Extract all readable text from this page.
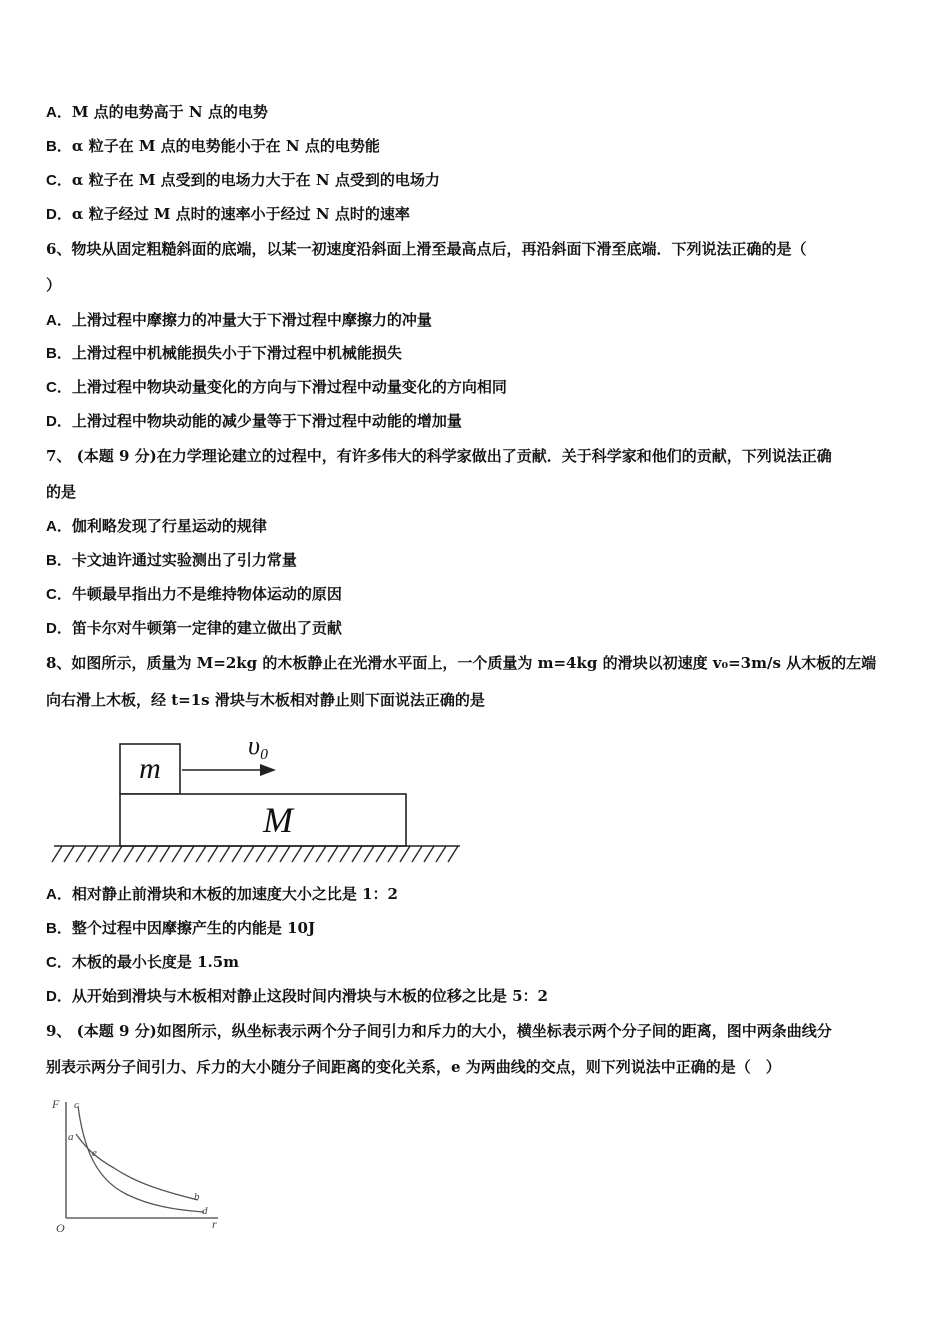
A．M 点的电势高于 N 点的电势
B．α 粒子在 M 点的电势能小于在 N 点的电势能
C．α 粒子在 M 点受到的电场力大于在 N 点受到的电场力
D．α 粒子经过 M 点时的速率小于经过 N 点时的速率
6、物块从固定粗糙斜面的底端，以某一初速度沿斜面上滑至最高点后，再沿斜面下滑至底端．下列说法正确的是（
）
A．上滑过程中摩擦力的冲量大于下滑过程中摩擦力的冲量
B．上滑过程中机械能损失小于下滑过程中机械能损失
C．上滑过程中物块动量变化的方向与下滑过程中动量变化的方向相同
D．上滑过程中物块动能的减少量等于下滑过程中动能的增加量
7、 (本题 9 分)在力学理论建立的过程中，有许多伟大的科学家做出了贡献．关于科学家和他们的贡献，下列说法正确
的是
A．伽利略发现了行星运动的规律
B．卡文迪许通过实验测出了引力常量
C．牛顿最早指出力不是维持物体运动的原因
D．笛卡尔对牛顿第一定律的建立做出了贡献
8、如图所示，质量为 M=2kg 的木板静止在光滑水平面上，一个质量为 m=4kg 的滑块以初速度 v₀=3m/s 从木板的左端
向右滑上木板，经 t=1s 滑块与木板相对静止则下面说法正确的是
m
υ₀
M
A．相对静止前滑块和木板的加速度大小之比是 1：2
B．整个过程中因摩擦产生的内能是 10J
C．木板的最小长度是 1.5m
D．从开始到滑块与木板相对静止这段时间内滑块与木板的位移之比是 5：2
9、 (本题 9 分)如图所示，纵坐标表示两个分子间引力和斥力的大小，横坐标表示两个分子间的距离，图中两条曲线分
别表示两分子间引力、斥力的大小随分子间距离的变化关系，e 为两曲线的交点，则下列说法中正确的是（　）
F
r
O
c
a
e
b
d
